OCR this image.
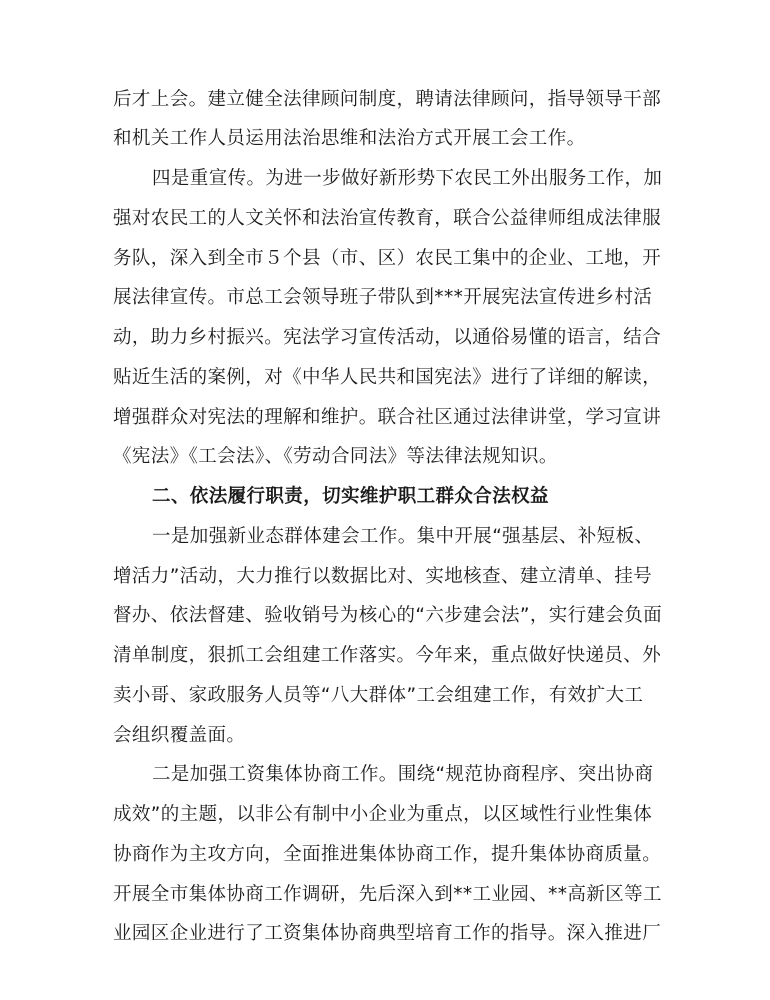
后才上会。建立健全法律顾问制度，聘请法律顾问，指导领导干部
和机关工作人员运用法治思维和法治方式开展工会工作。
四是重宣传。为进一步做好新形势下农民工外出服务工作，加
强对农民工的人文关怀和法治宣传教育，联合公益律师组成法律服
务队，深入到全市５个县（市、区）农民工集中的企业、工地，开
展法律宣传。市总工会领导班子带队到***开展宪法宣传进乡村活
动，助力乡村振兴。宪法学习宣传活动，以通俗易懂的语言，结合
贴近生活的案例，对《中华人民共和国宪法》进行了详细的解读，
增强群众对宪法的理解和维护。联合社区通过法律讲堂，学习宣讲
《宪法》《工会法》、《劳动合同法》等法律法规知识。
二、依法履行职责，切实维护职工群众合法权益
一是加强新业态群体建会工作。集中开展“强基层、补短板、
增活力”活动，大力推行以数据比对、实地核查、建立清单、挂号
督办、依法督建、验收销号为核心的“六步建会法”，实行建会负面
清单制度，狠抓工会组建工作落实。今年来，重点做好快递员、外
卖小哥、家政服务人员等“八大群体”工会组建工作，有效扩大工
会组织覆盖面。
二是加强工资集体协商工作。围绕“规范协商程序、突出协商
成效”的主题，以非公有制中小企业为重点，以区域性行业性集体
协商作为主攻方向，全面推进集体协商工作，提升集体协商质量。
开展全市集体协商工作调研，先后深入到**工业园、**高新区等工
业园区企业进行了工资集体协商典型培育工作的指导。深入推进厂
